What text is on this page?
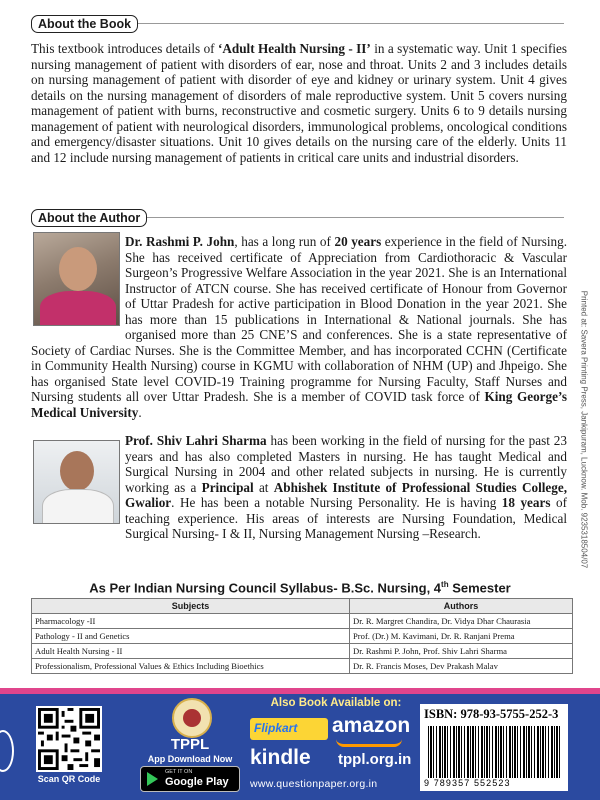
About the Book

This textbook introduces details of ‘Adult Health Nursing - II’ in a systematic way. Unit 1 specifies nursing management of patient with disorders of ear, nose and throat. Units 2 and 3 includes details on nursing management of patient with disorder of eye and kidney or urinary system. Unit 4 gives details on the nursing management of disorders of male reproductive system. Unit 5 covers nursing management of patient with burns, reconstructive and cosmetic surgery. Units 6 to 9 details nursing management of patient with neurological disorders, immunological problems, oncological conditions and emergency/disaster situations. Unit 10 gives details on the nursing care of the elderly. Units 11 and 12 include nursing management of patients in critical care units and industrial disorders.

About the Author

Dr. Rashmi P. John, has a long run of 20 years experience in the field of Nursing. She has received certificate of Appreciation from Cardiothoracic & Vascular Surgeon’s Progressive Welfare Association in the year 2021. She is an International Instructor of ATCN course. She has received certificate of Honour from Governor of Uttar Pradesh for active participation in Blood Donation in the year 2021. She has more than 15 publications in International & National journals. She has organised more than 25 CNE’S and conferences. She is a state representative of Society of Cardiac Nurses. She is the Committee Member, and has incorporated CCHN (Certificate in Community Health Nursing) course in KGMU with collaboration of NHM (UP) and Jhpeigo. She has organised State level COVID-19 Training programme for Nursing Faculty, Staff Nurses and Nursing students all over Uttar Pradesh. She is a member of COVID task force of King George’s Medical University.

Prof. Shiv Lahri Sharma has been working in the field of nursing for the past 23 years and has also completed Masters in nursing. He has taught Medical and Surgical Nursing in 2004 and other related subjects in nursing. He is currently working as a Principal at Abhishek Institute of Professional Studies College, Gwalior. He has been a notable Nursing Personality. He is having 18 years of teaching experience. His areas of interests are Nursing Foundation, Medical Surgical Nursing- I & II, Nursing Management Nursing –Research.	Printed at: Savera Printing Press, Jankipuram, Lucknow. Mob. 9235318504/07
As Per Indian Nursing Council Syllabus- B.Sc. Nursing, 4th Semester
Subjects	Authors
Pharmacology -II	Dr. R. Margret Chandira, Dr. Vidya Dhar Chaurasia
Pathology - II and Genetics	Prof. (Dr.) M. Kavimani, Dr. R. Ranjani Prema
Adult Health Nursing - II	Dr. Rashmi P. John, Prof. Shiv Lahri Sharma
Professionalism, Professional Values & Ethics Including Bioethics	Dr. R. Francis Moses, Dev Prakash Malav
Scan QR Code
TPPL
App Download Now
GET IT ON
Google Play
Also Book Available on:
Flipkart amazon
kindle tppl.org.in
www.questionpaper.org.in
ISBN: 978-93-5755-252-3
9 789357 552523
